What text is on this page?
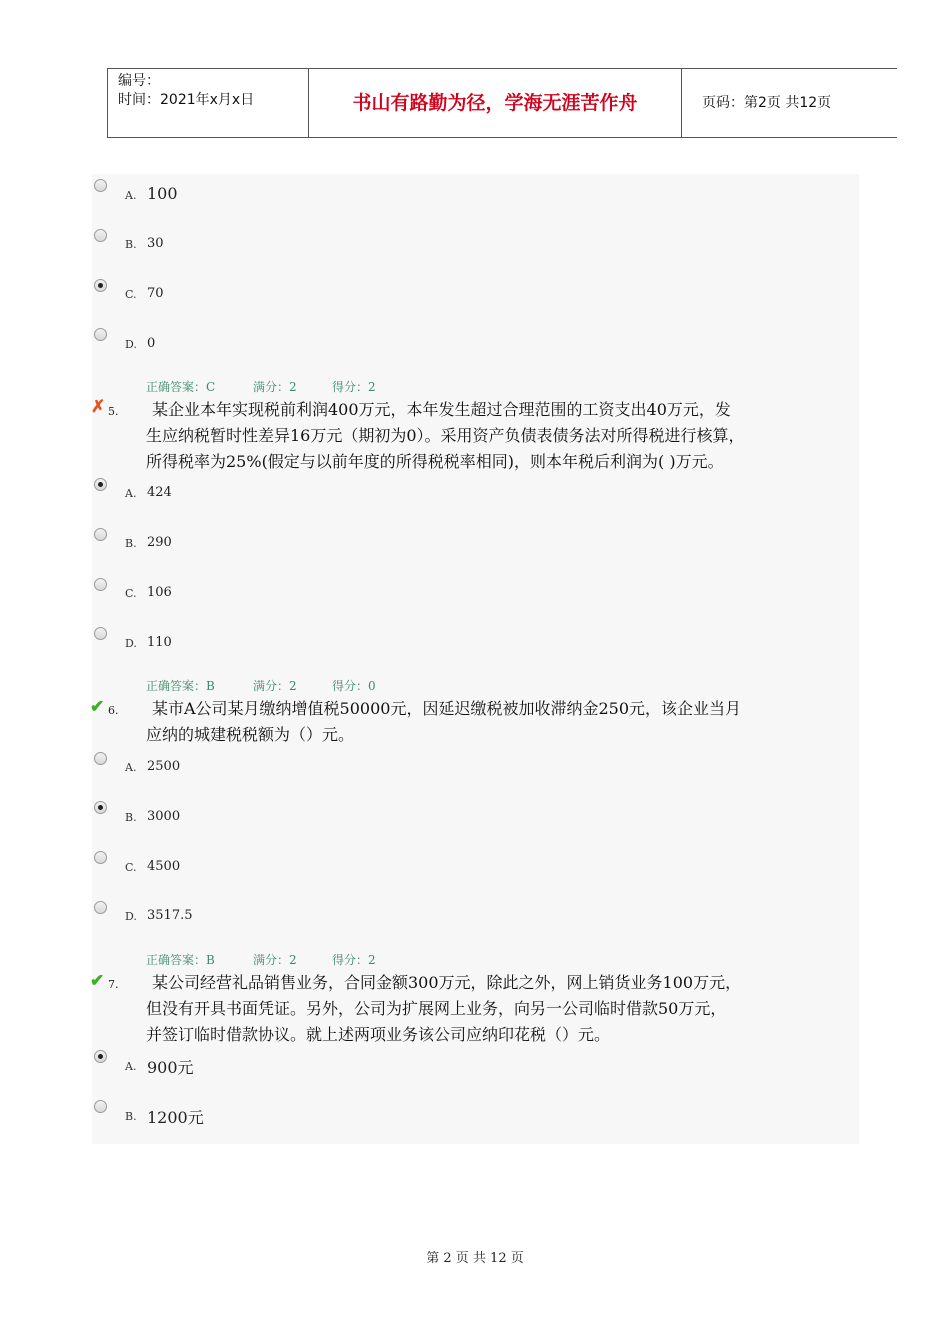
编号：
时间：2021年x月x日	书山有路勤为径，学海无涯苦作舟	页码：第2页 共12页
A. 100
B. 30
C. 70
D. 0
正确答案：C	满分：2	得分：2
✗ 5.	某企业本年实现税前利润400万元，本年发生超过合理范围的工资支出40万元，发

生应纳税暂时性差异16万元（期初为0）。采用资产负债表债务法对所得税进行核算，

所得税率为25%(假定与以前年度的所得税税率相同)，则本年税后利润为( )万元。

A. 424
B. 290
C. 106
D. 110
正确答案：B	满分：2	得分：0
✔ 6.	某市A公司某月缴纳增值税50000元，因延迟缴税被加收滞纳金250元，该企业当月

应纳的城建税税额为（）元。

A. 2500
B. 3000
C. 4500
D. 3517.5
正确答案：B	满分：2	得分：2
✔ 7.	某公司经营礼品销售业务，合同金额300万元，除此之外，网上销货业务100万元，

但没有开具书面凭证。另外，公司为扩展网上业务，向另一公司临时借款50万元，

并签订临时借款协议。就上述两项业务该公司应纳印花税（）元。

A. 900元
B. 1200元
第 2 页 共 12 页
